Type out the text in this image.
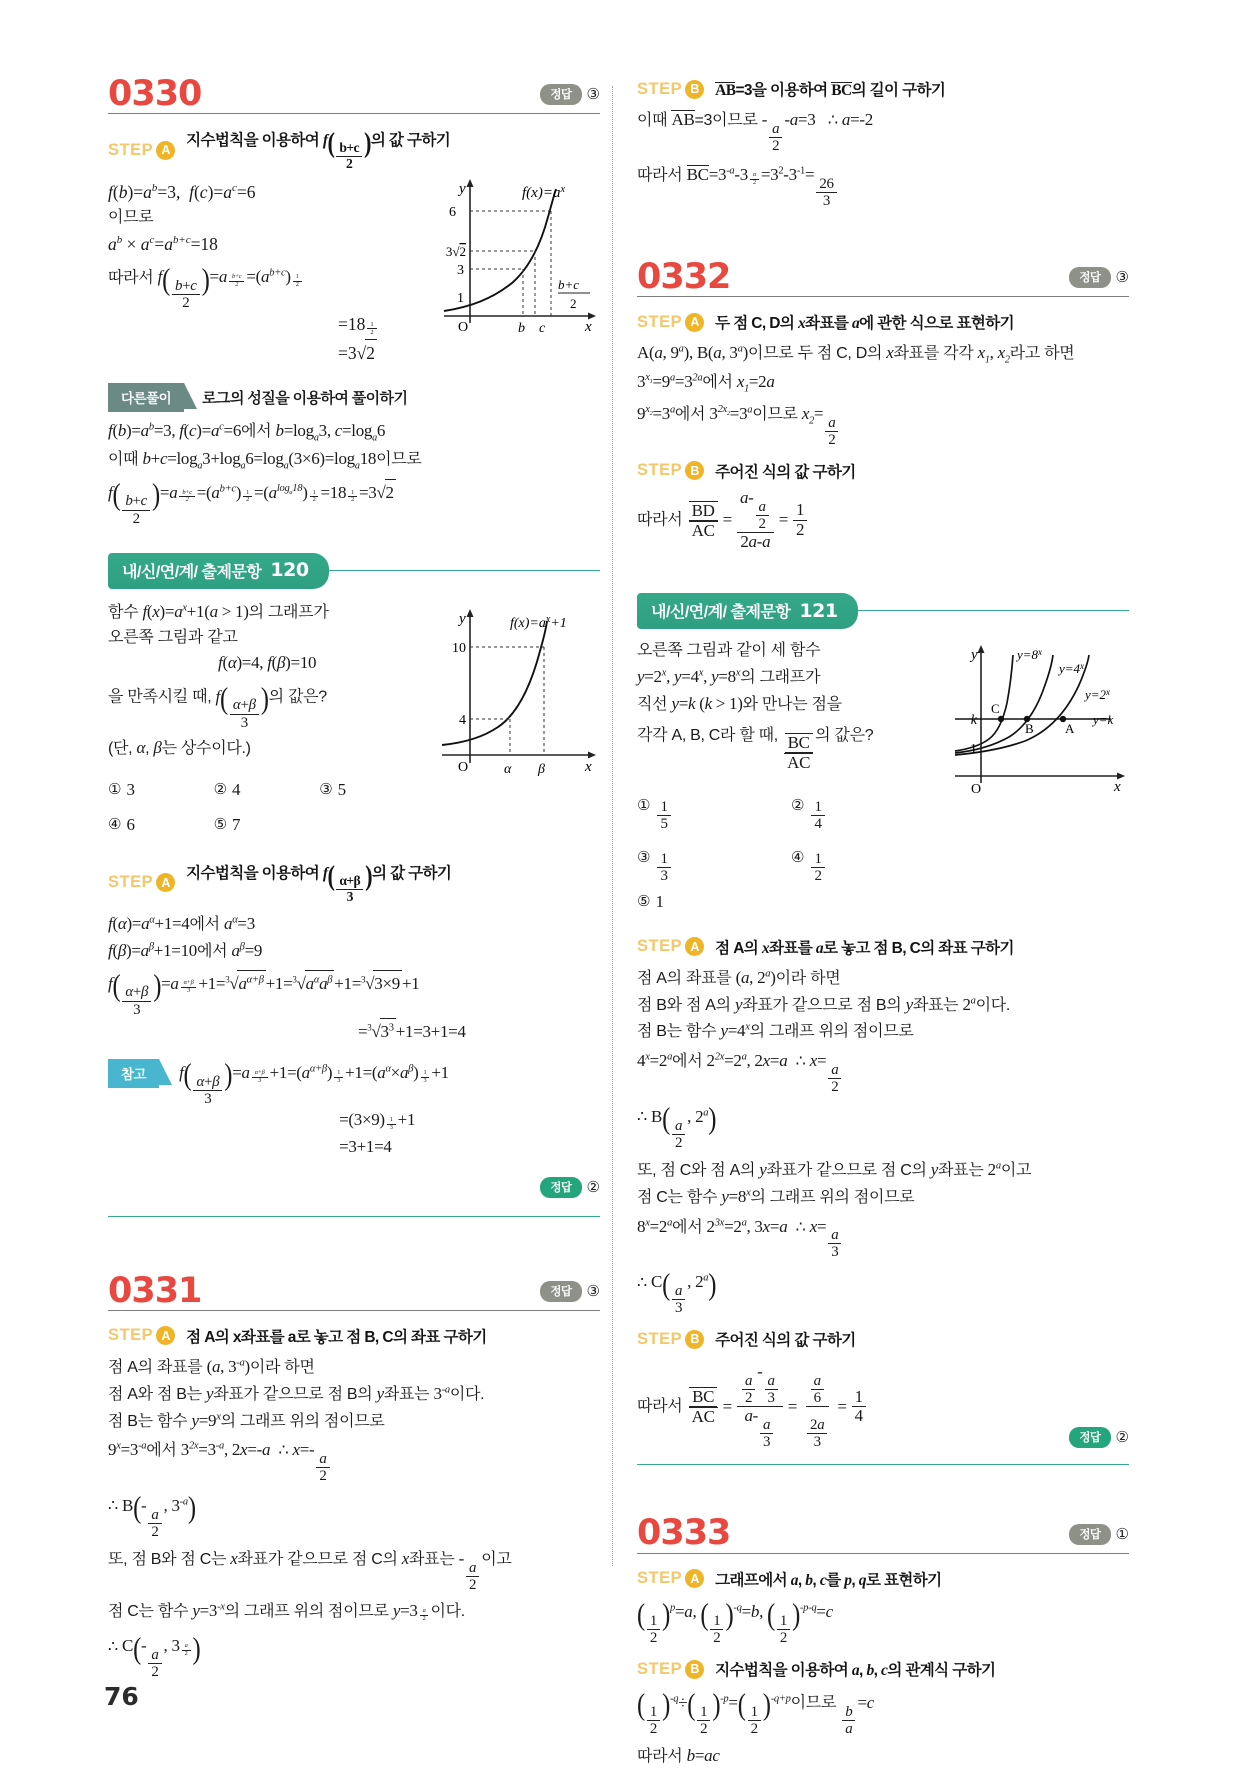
0330	정답	③
STEP A
지수법칙을 이용하여 $f( \frac{b+c}{2}$ )의 값 구하기
$f(b)=a^b=3$,  $f(c)=a^c=6$
이므로
$a^b \times a^c=a^{b+c}=18$
따라서 $f( \frac{b+c}{2} )=a$ $^{\frac{b+c}{2}} =(a^{b+c})$ $^{\frac{1}{2}}$
=18 $^{\frac{1}{2}}$
=3√2
y
x
O
6
3√2
3
1
b c
b+c
2
$f(x)=a^x$
다른풀이	로그의 성질을 이용하여 풀이하기
$f(b)=a^b=3$, $f(c)=a^c=6$에서 $b=\log_a3$, $c=\log_a6$
이때 $b+c=\log_a3+\log_a6=\log_a(3\times 6)=\log_a18$이므로
$f( \frac{b+c}{2} )=a$ $^{\frac{b+c}{2}} =(a^{b+c})$ $^{\frac{1}{2}} =(a^{log_a18})$ $^{\frac{1}{2}}$ =18 $^{\frac{1}{2}}$ =3√2
내/신/연/계/ 출제문항 120
함수 $f(x)=a^x+1(a > 1)$의 그래프가
오른쪽 그림과 같고
f(α)=4, f(β)=10
을 만족시킬 때, $f( \frac{\alpha+\beta}{3}$ )의 값은?
(단, α, β는 상수이다.)
① 3	② 4	③ 5
④ 6	⑤ 7
y
x
O
10
4
α β
$f(x)=a^x+1$
STEP A
지수법칙을 이용하여 $f( \frac{\alpha+\beta}{3}$ )의 값 구하기
$f(\alpha)=a^\alpha+1=4$에서 $a^\alpha=3$
$f(\beta)=a^\beta+1=10$에서 $a^\beta=9$
$f( \frac{\alpha+\beta}{3} )=a$ $^{\frac{\alpha+\beta}{3}} +1=^3√a^{\alpha+\beta} +1=^3√a^\alpha a^\beta +1=^3√3\times 9 +1$
$=^3√3^3 +1=3+1=4$
참고	$f( \frac{\alpha+\beta}{3} )=a$ $^{\frac{\alpha+\beta}{3}} +1=(a^{\alpha+\beta})$ $^{\frac{1}{3}} +1=(a^\alpha\times a^\beta)$ $^{\frac{1}{3}}$ +1
=(3×9) $^{\frac{1}{3}}$ +1
=3+1=4
정답	②
0331	정답	③
STEP A	점 A의 x좌표를 a로 놓고 점 B, C의 좌표 구하기
점 A의 좌표를 (a, $3^{-a}$)이라 하면
점 A와 점 B는 y좌표가 같으므로 점 B의 y좌표는 $3^{-a}$이다.
점 B는 함수 $y=9^x$의 그래프 위의 점이므로
$9^x=3^{-a}$에서 $3^{2x}=3^{-a}$, 2x=-a  ∴ x=-
$\frac{a}{2}$
∴ B(-
$\frac{a}{2}$
, $3^{-a}$)
또, 점 B와 점 C는 x좌표가 같으므로 점 C의 x좌표는 -
$\frac{a}{2}$
이고
점 C는 함수 $y=3^{-x}$의 그래프 위의 점이므로 y=3 $^{\frac{a}{2}}$ 이다.
∴ C(-
$\frac{a}{2}$
, 3 $^{\frac{a}{2}}$ )
STEP B	AB=3을 이용하여 BC의 길이 구하기
이때 AB=3이므로 -
$\frac{a}{2}$
-a=3   ∴ a=-2
따라서 $BC=3^{-a}-3$ $^{\frac{a}{2}} =3^2-3^{-1}=$
$\frac{26}{3}$
0332	정답	③
STEP A	두 점 C, D의 x좌표를 a에 관한 식으로 표현하기
A(a, 9$^a$), B(a, 3$^a$)이므로 두 점 C, D의 x좌표를 각각 $x_1$, $x_2$라고 하면
$3^{x_1}=9^a=3^{2a}$에서 $x_1=2a$
$9^{x_2}=3^a$에서 $3^{2x_2}=3^a$이므로 $x_2=$
$\frac{a}{2}$
STEP B	주어진 식의 값 구하기
따라서 $\frac{BD}{AC} = a-$
$\frac{a}{2}$
$2a-a = \frac{1}{2}$
내/신/연/계/ 출제문항 121
오른쪽 그림과 같이 세 함수
$y=2^x$, $y=4^x$, $y=8^x$의 그래프가
직선 y=k (k > 1)와 만나는 점을
각각 A, B, C라 할 때, $\frac{BC}{AC}$ 의 값은?
① $\frac{1}{5}$	② $\frac{1}{4}$
③ $\frac{1}{3}$	④ $\frac{1}{2}$
⑤ 1
y
x
O
k
1
C
B A
$y=8^x$
$y=4^x$
$y=2^x$
y=k
STEP A	점 A의 x좌표를 a로 놓고 점 B, C의 좌표 구하기
점 A의 좌표를 (a, 2$^a$)이라 하면
점 B와 점 A의 y좌표가 같으므로 점 B의 y좌표는 2$^a$이다.
점 B는 함수 $y=4^x$의 그래프 위의 점이므로
$4^x=2^a$에서 $2^{2x}=2^a$, 2x=a  ∴ x=
$\frac{a}{2}$
∴ $B( \frac{a}{2}$
, 2$^a$)
또, 점 C와 점 A의 y좌표가 같으므로 점 C의 y좌표는 2$^a$이고
점 C는 함수 $y=8^x$의 그래프 위의 점이므로
$8^x=2^a$에서 $2^{3x}=2^a$, 3x=a  ∴ x=
$\frac{a}{3}$
∴ $C( \frac{a}{3}$
, 2$^a$)
STEP B	주어진 식의 값 구하기
따라서 $\frac{BC}{AC} = \frac{a}{2}$
-
$\frac{a}{3}$
a-
$\frac{a}{3} = \frac{\frac{a}{6}}{\frac{2a}{3}} = \frac{1}{4}$
정답	②
0333	정답	①
STEP A	그래프에서 a, b, c를 p, q로 표현하기
( $\frac{1}{2} )^p=a$, ( $\frac{1}{2} )^{-q}=b$, ( $\frac{1}{2} )^{-p-q}=c$
STEP B	지수법칙을 이용하여 a, b, c의 관계식 구하기
( $\frac{1}{2} )^{-q}\div( \frac{1}{2} )^{-p}=( \frac{1}{2} )^{-q+p}$이므로
$\frac{b}{a}$
=c
따라서 b=ac
76
